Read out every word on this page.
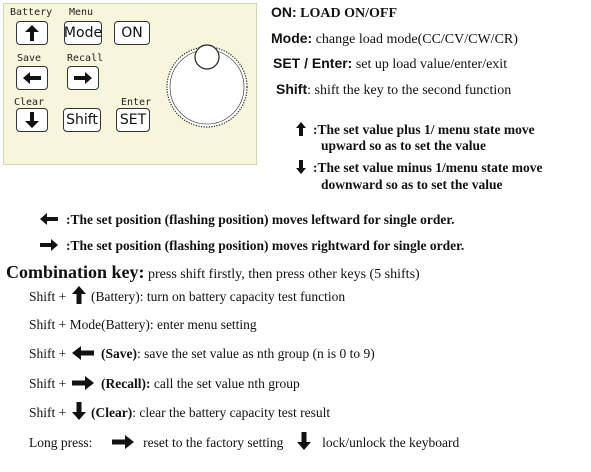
Battery Menu
Mode	ON
Save	Recall
Clear	Enter
Shift SET
ON: LOAD ON/OFF
Mode: change load mode(CC/CV/CW/CR)
SET / Enter: set up load value/enter/exit
Shift: shift the key to the second function
:The set value plus 1/ menu state move
upward so as to set the value
:The set value minus 1/menu state move
downward so as to set the value
:The set position (flashing position) moves leftward for single order.
:The set position (flashing position) moves rightward for single order.
Combination key: press shift firstly, then press other keys (5 shifts)
Shift + (Battery): turn on battery capacity test function
Shift + Mode(Battery): enter menu setting
Shift +	(Save): save the set value as nth group (n is 0 to 9)
Shift +	(Recall): call the set value nth group
Shift + (Clear): clear the battery capacity test result
Long press:	reset to the factory setting	lock/unlock the keyboard
